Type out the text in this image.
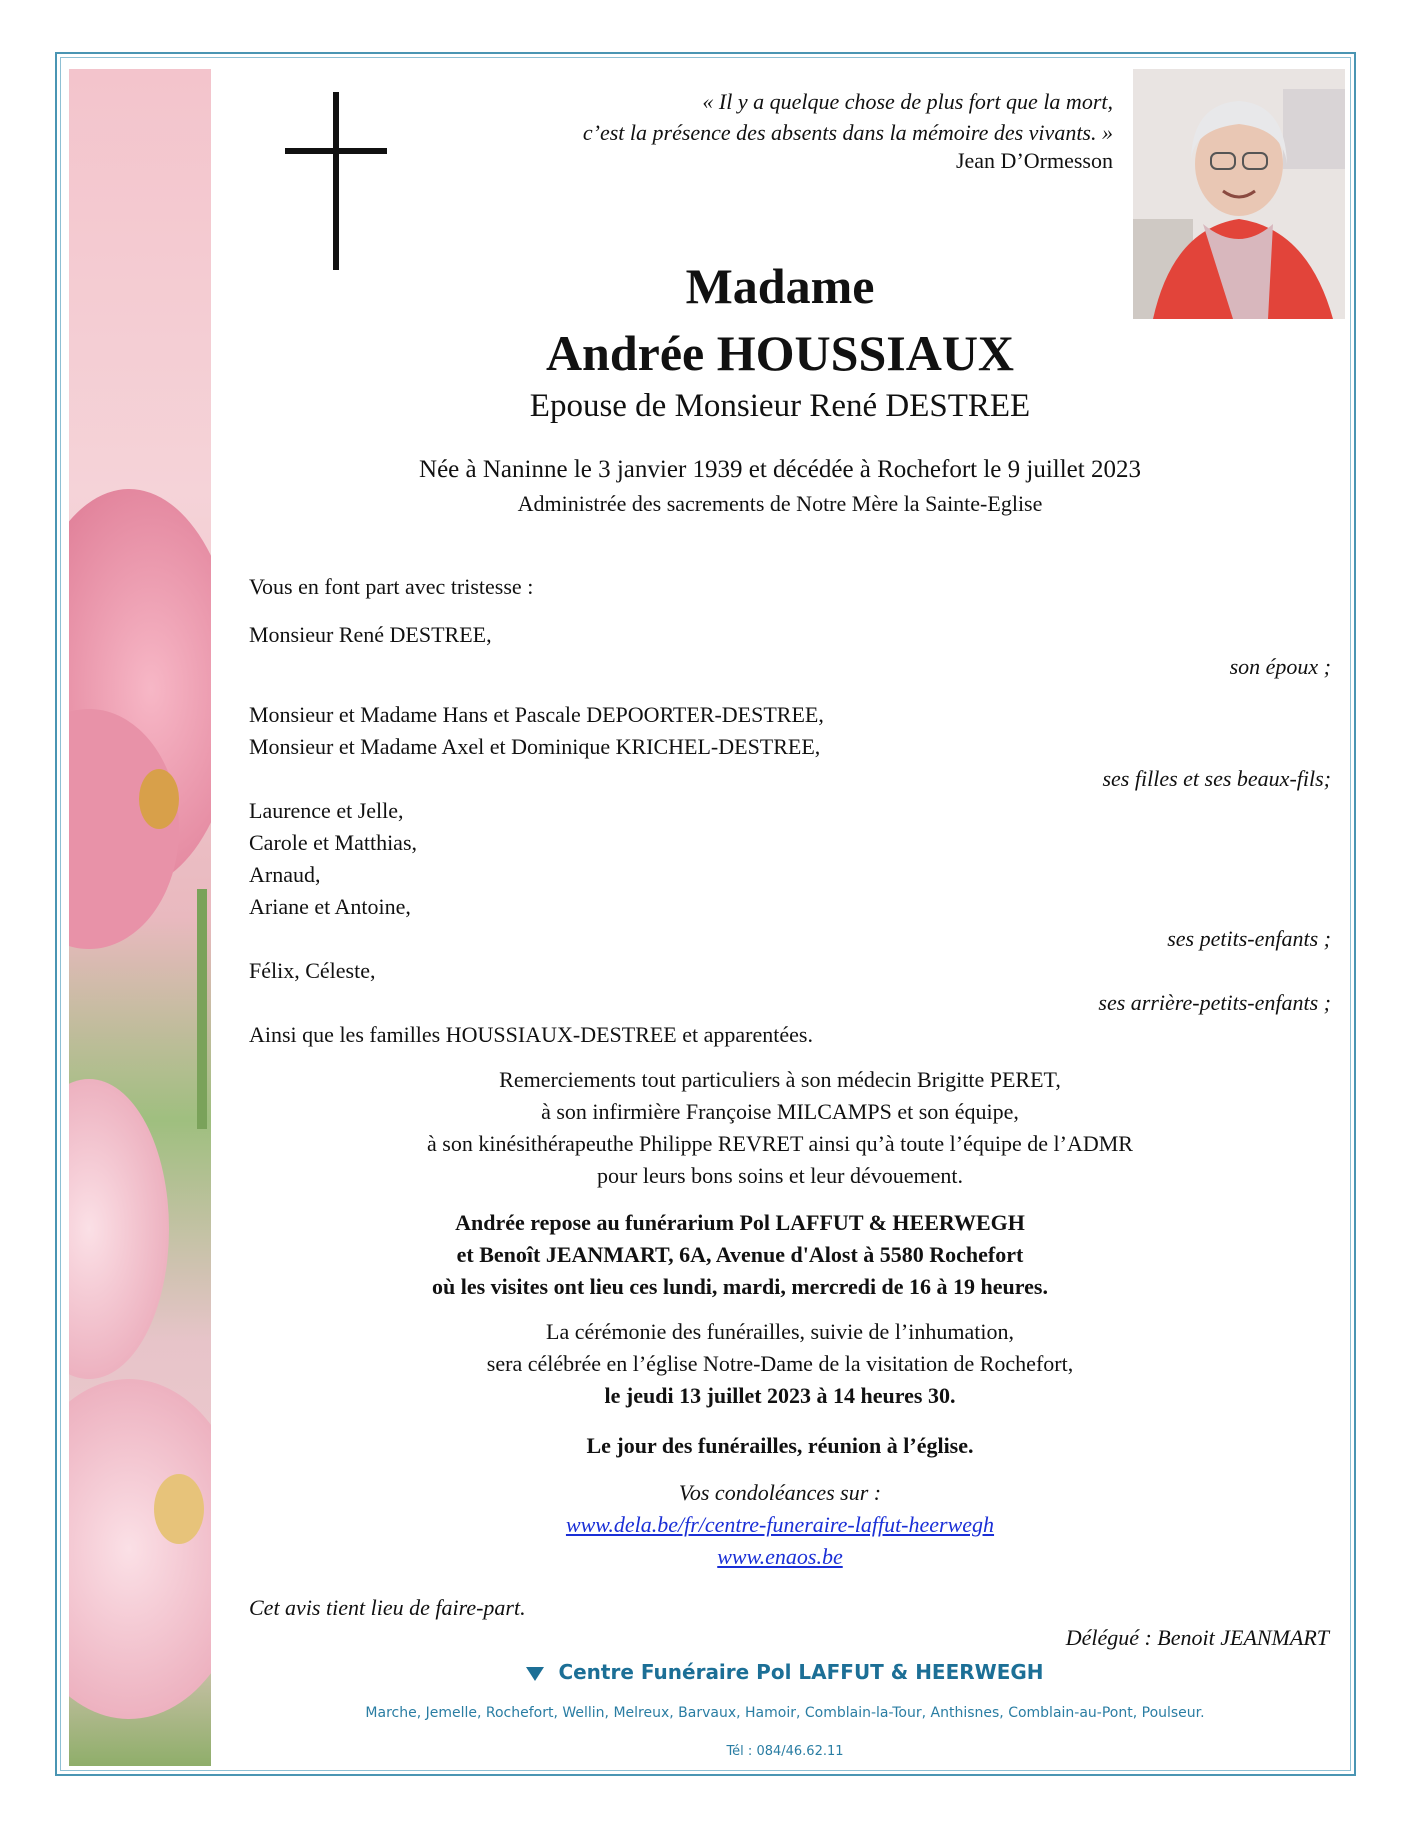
« Il y a quelque chose de plus fort que la mort,
c’est la présence des absents dans la mémoire des vivants. »
Jean D’Ormesson
Madame
Andrée HOUSSIAUX
Epouse de Monsieur René DESTREE
Née à Naninne le 3 janvier 1939 et décédée à Rochefort le 9 juillet 2023
Administrée des sacrements de Notre Mère la Sainte-Eglise
Vous en font part avec tristesse :
Monsieur René DESTREE,
son époux ;
Monsieur et Madame Hans et Pascale DEPOORTER-DESTREE,
Monsieur et Madame Axel et Dominique KRICHEL-DESTREE,
ses filles et ses beaux-fils;
Laurence et Jelle,
Carole et Matthias,
Arnaud,
Ariane et Antoine,
ses petits-enfants ;
Félix, Céleste,
ses arrière-petits-enfants ;
Ainsi que les familles HOUSSIAUX-DESTREE et apparentées.
Remerciements tout particuliers à son médecin Brigitte PERET,
à son infirmière Françoise MILCAMPS et son équipe,
à son kinésithérapeuthe Philippe REVRET ainsi qu’à toute l’équipe de l’ADMR
pour leurs bons soins et leur dévouement.
Andrée repose au funérarium Pol LAFFUT & HEERWEGH
et Benoît JEANMART, 6A, Avenue d'Alost à 5580 Rochefort
où les visites ont lieu ces lundi, mardi, mercredi de 16 à 19 heures.
La cérémonie des funérailles, suivie de l’inhumation,
sera célébrée en l’église Notre-Dame de la visitation de Rochefort,
le jeudi 13 juillet 2023 à 14 heures 30.
Le jour des funérailles, réunion à l’église.
Vos condoléances sur :
www.dela.be/fr/centre-funeraire-laffut-heerwegh
www.enaos.be
Cet avis tient lieu de faire-part.
Délégué : Benoit JEANMART
Centre Funéraire Pol LAFFUT & HEERWEGH
Marche, Jemelle, Rochefort, Wellin, Melreux, Barvaux, Hamoir, Comblain-la-Tour, Anthisnes, Comblain-au-Pont, Poulseur.
Tél : 084/46.62.11
